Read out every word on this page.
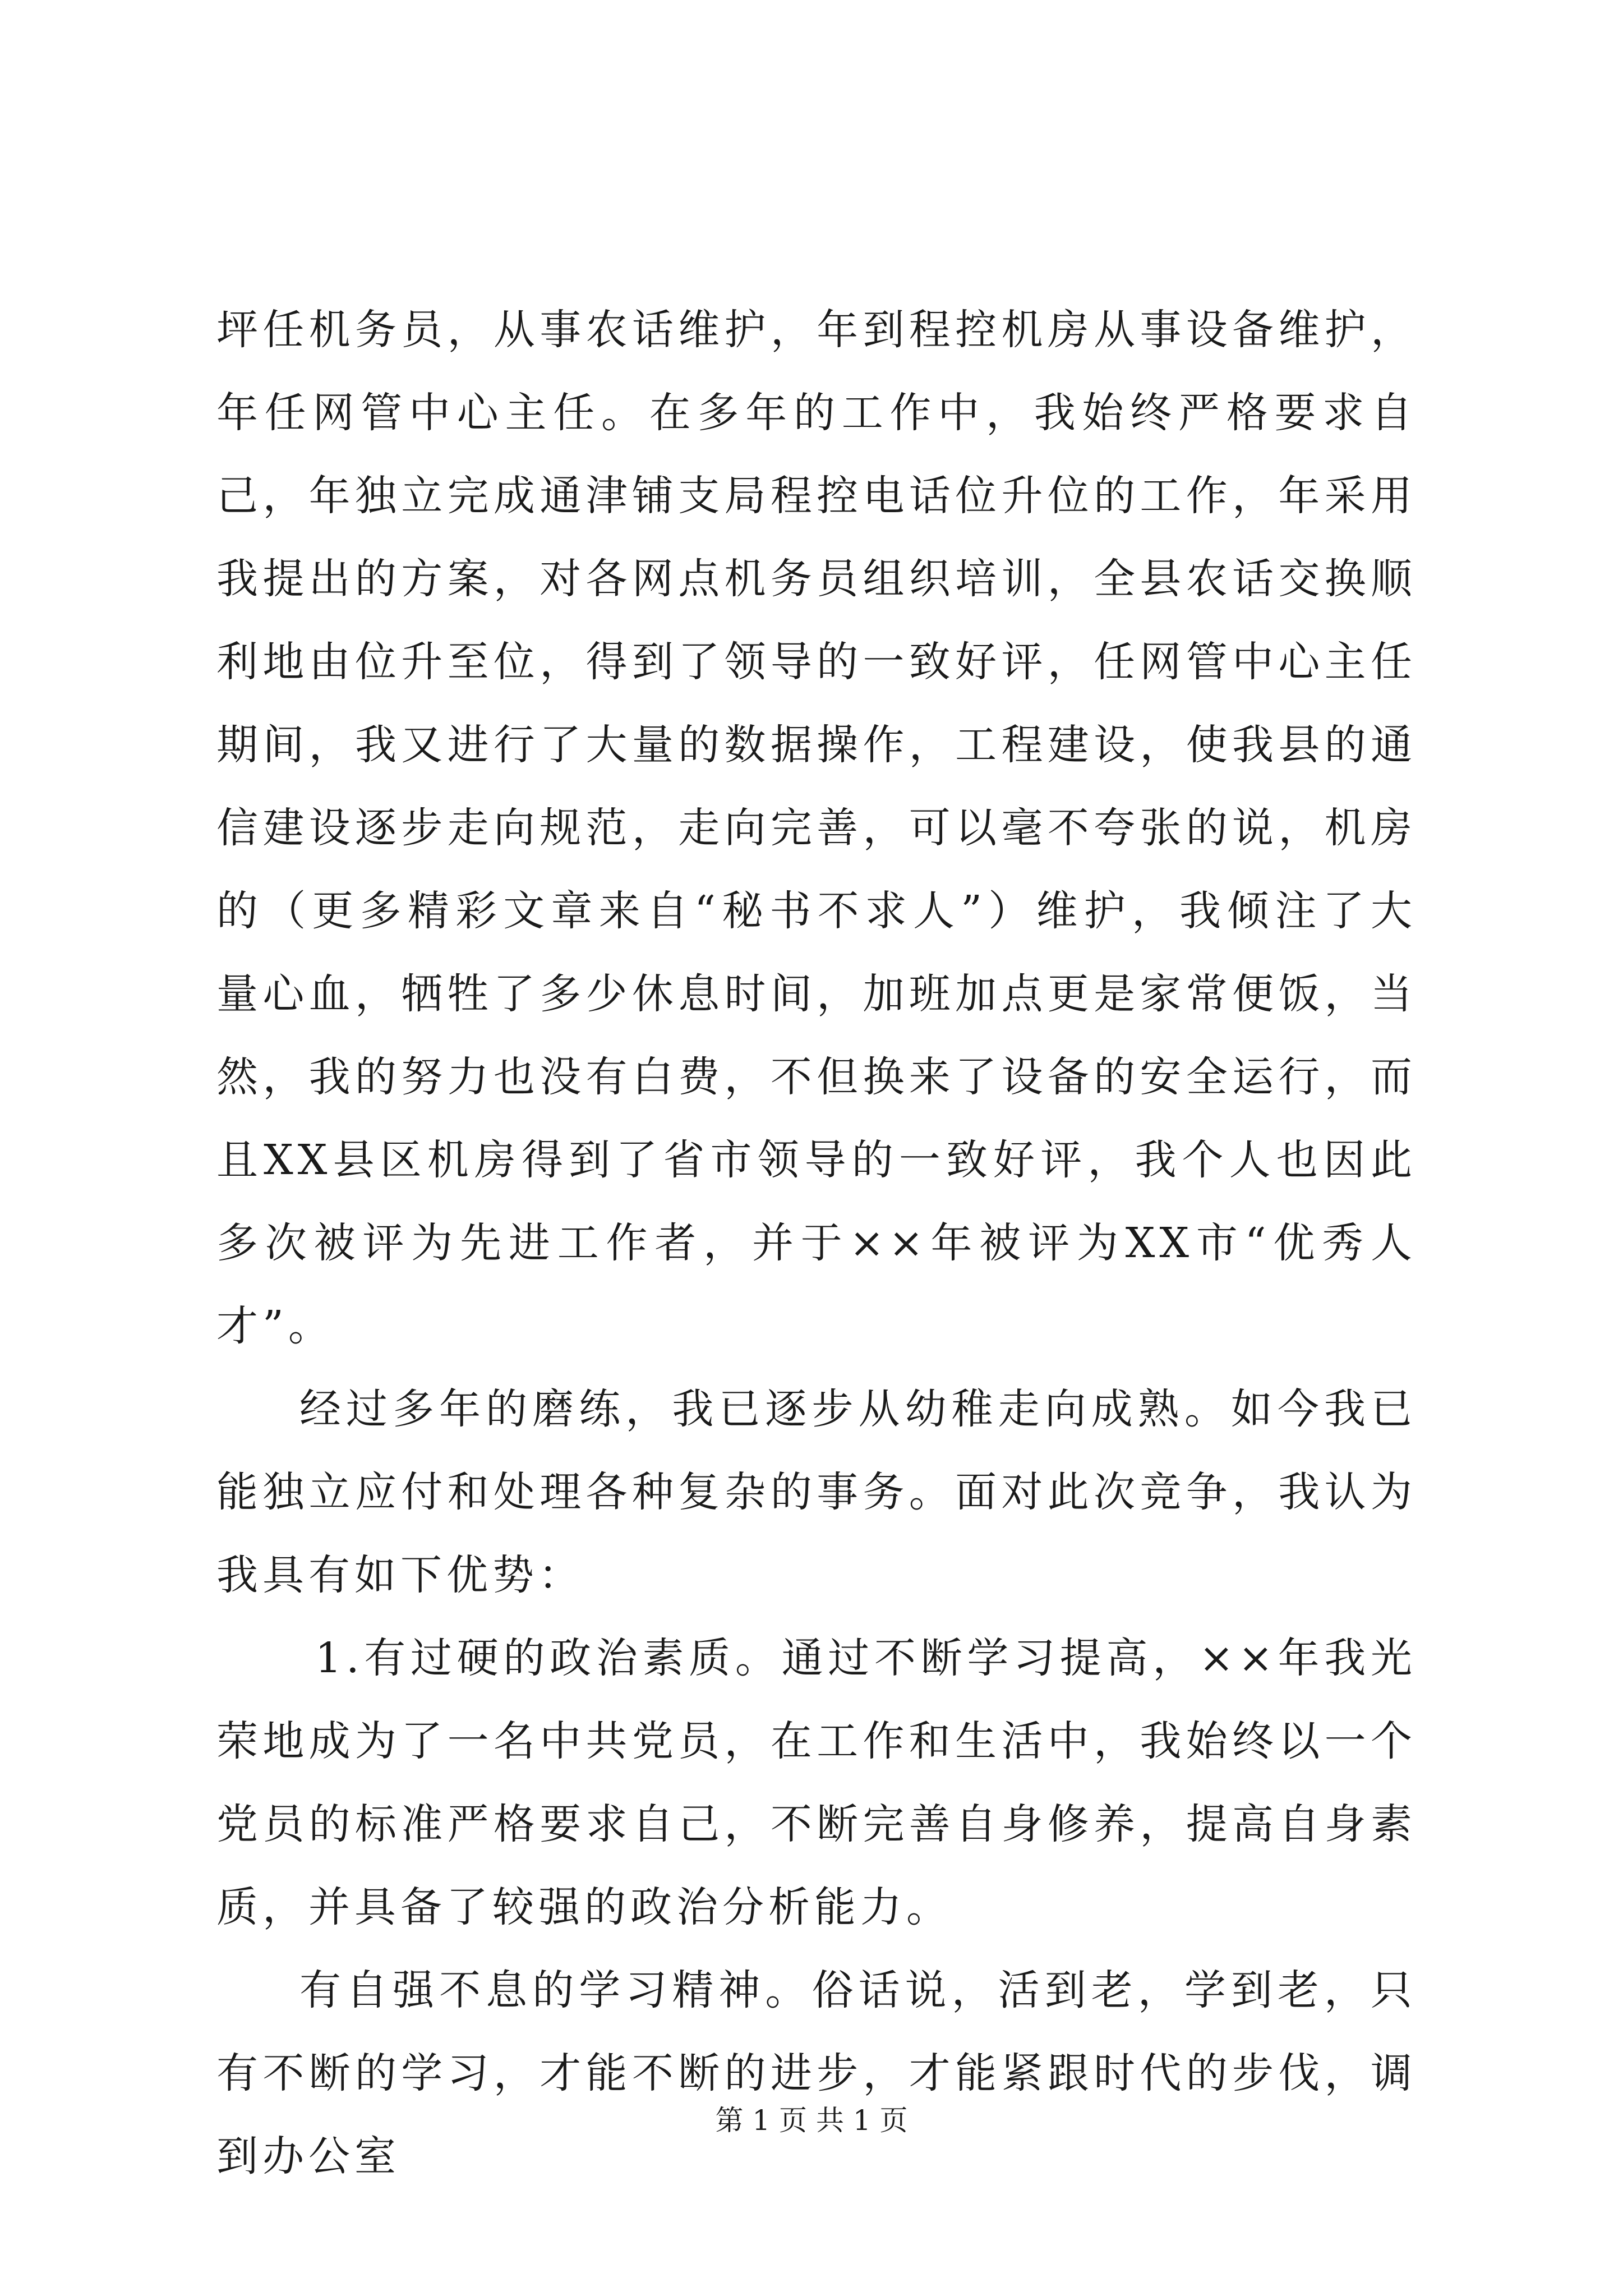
坪任机务员，从事农话维护，年到程控机房从事设备维护，年任网管中心主任。在多年的工作中，我始终严格要求自己，年独立完成通津铺支局程控电话位升位的工作，年采用我提出的方案，对各网点机务员组织培训，全县农话交换顺利地由位升至位，得到了领导的一致好评，任网管中心主任期间，我又进行了大量的数据操作，工程建设，使我县的通信建设逐步走向规范，走向完善，可以毫不夸张的说，机房的（更多精彩文章来自“秘书不求人”）维护，我倾注了大量心血，牺牲了多少休息时间，加班加点更是家常便饭，当然，我的努力也没有白费，不但换来了设备的安全运行，而且XX县区机房得到了省市领导的一致好评，我个人也因此多次被评为先进工作者，并于××年被评为XX市“优秀人才”。

经过多年的磨练，我已逐步从幼稚走向成熟。如今我已能独立应付和处理各种复杂的事务。面对此次竞争，我认为我具有如下优势：

1.有过硬的政治素质。通过不断学习提高，××年我光荣地成为了一名中共党员，在工作和生活中，我始终以一个党员的标准严格要求自己，不断完善自身修养，提高自身素质，并具备了较强的政治分析能力。

有自强不息的学习精神。俗话说，活到老，学到老，只有不断的学习，才能不断的进步，才能紧跟时代的步伐，调到办公室

第 1 页 共 1 页
